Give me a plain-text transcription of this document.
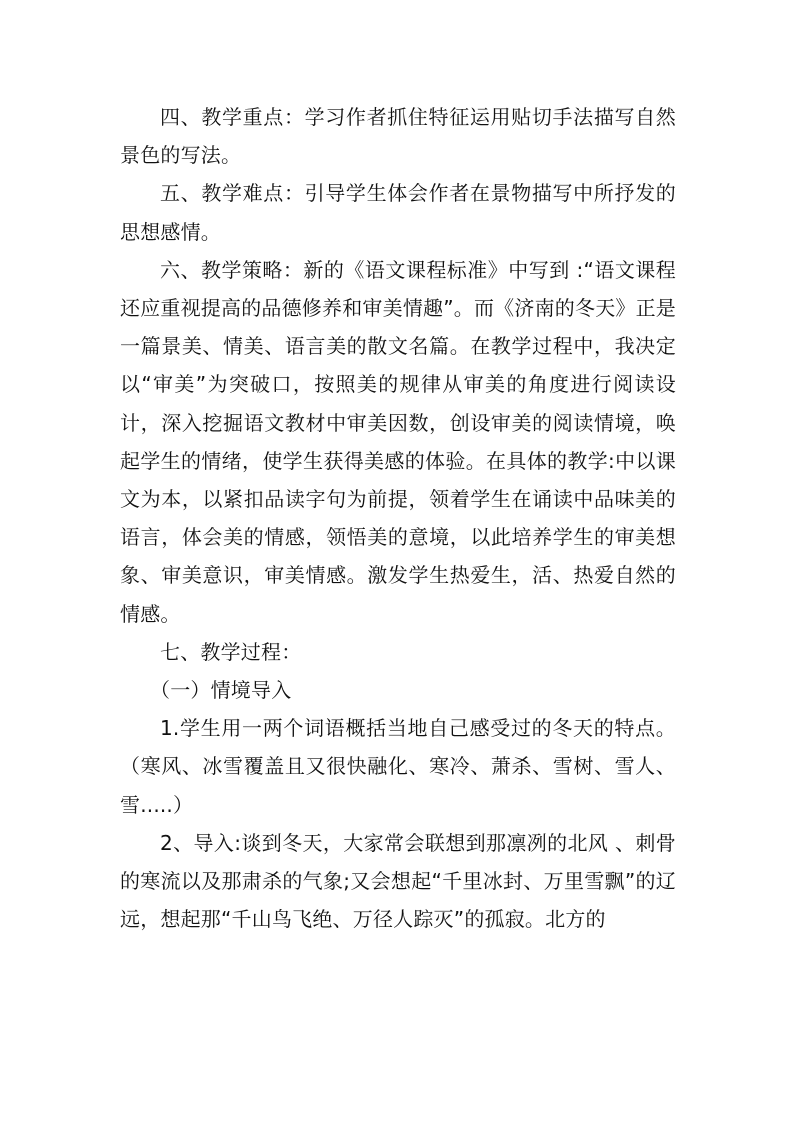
四、教学重点：学习作者抓住特征运用贴切手法描写自然景色的写法。

五、教学难点：引导学生体会作者在景物描写中所抒发的思想感情。

六、教学策略：新的《语文课程标准》中写到 :“语文课程还应重视提高的品德修养和审美情趣”。而《济南的冬天》正是一篇景美、情美、语言美的散文名篇。在教学过程中，我决定以“审美”为突破口，按照美的规律从审美的角度进行阅读设计，深入挖掘语文教材中审美因数，创设审美的阅读情境，唤起学生的情绪，使学生获得美感的体验。在具体的教学:中以课文为本，以紧扣品读字句为前提，领着学生在诵读中品味美的语言，体会美的情感，领悟美的意境，以此培养学生的审美想象、审美意识，审美情感。激发学生热爱生，活、热爱自然的情感。

七、教学过程：

（一）情境导入

1.学生用一两个词语概括当地自己感受过的冬天的特点。 （寒风、冰雪覆盖且又很快融化、寒冷、萧杀、雪树、雪人、雪.....）

2、导入:谈到冬天，大家常会联想到那凛冽的北风 、刺骨的寒流以及那肃杀的气象;又会想起“千里冰封、万里雪飘”的辽远，想起那“千山鸟飞绝、万径人踪灭”的孤寂。北方的
